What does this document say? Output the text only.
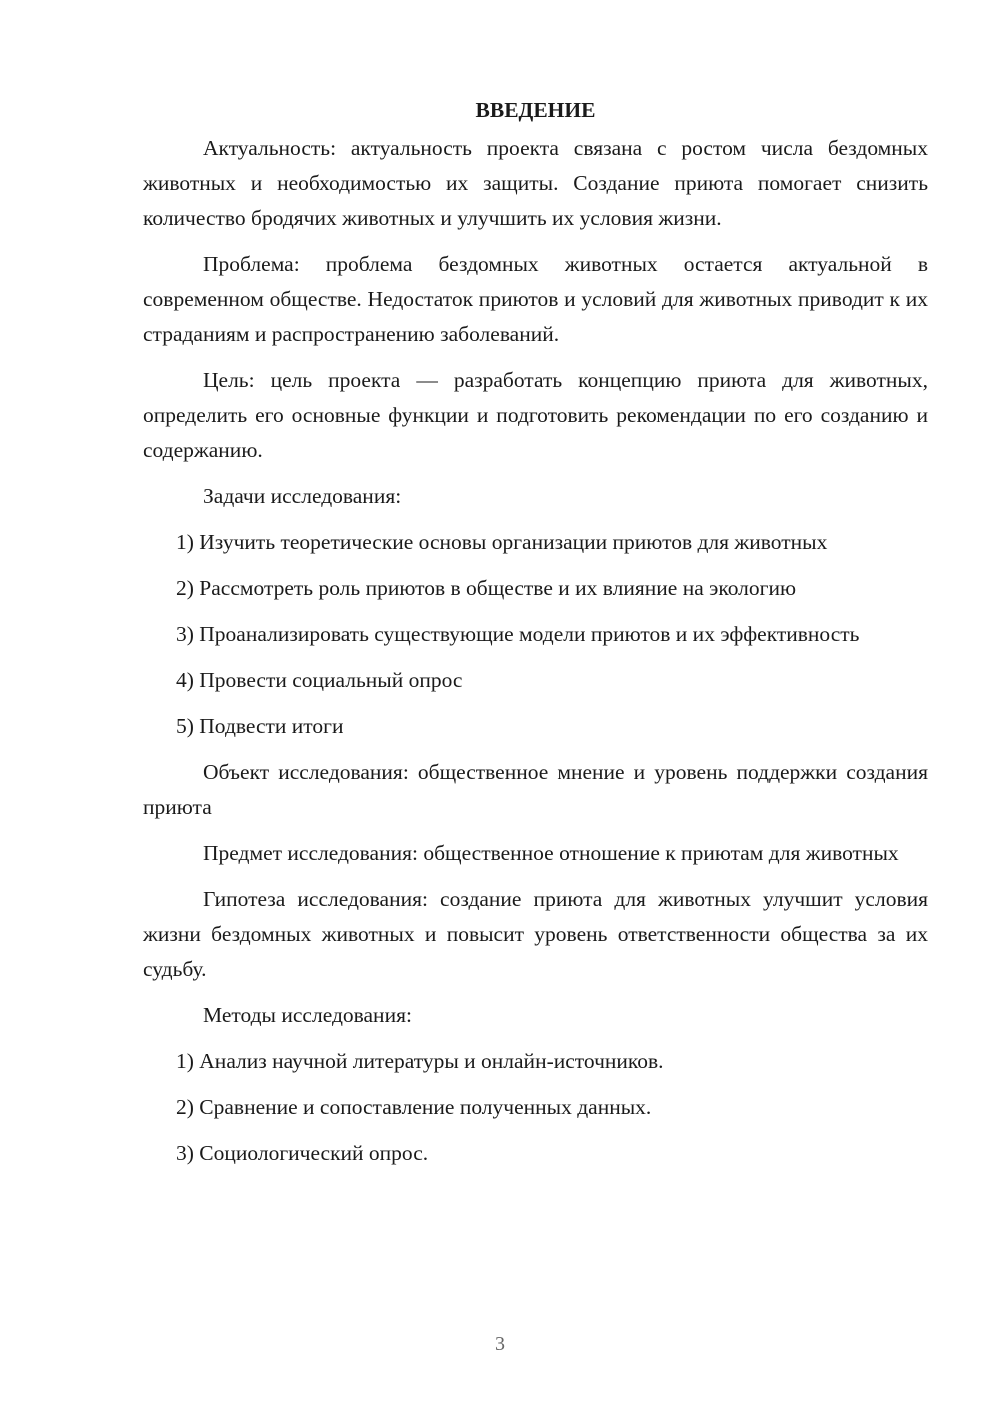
ВВЕДЕНИЕ

Актуальность: актуальность проекта связана с ростом числа бездомных животных и необходимостью их защиты. Создание приюта помогает снизить количество бродячих животных и улучшить их условия жизни.

Проблема: проблема бездомных животных остается актуальной в современном обществе. Недостаток приютов и условий для животных приводит к их страданиям и распространению заболеваний.

Цель: цель проекта — разработать концепцию приюта для животных, определить его основные функции и подготовить рекомендации по его созданию и содержанию.

Задачи исследования:

1) Изучить теоретические основы организации приютов для животных

2) Рассмотреть роль приютов в обществе и их влияние на экологию

3) Проанализировать существующие модели приютов и их эффективность

4) Провести социальный опрос

5) Подвести итоги

Объект исследования: общественное мнение и уровень поддержки создания приюта

Предмет исследования: общественное отношение к приютам для животных

Гипотеза исследования: создание приюта для животных улучшит условия жизни бездомных животных и повысит уровень ответственности общества за их судьбу.

Методы исследования:

1) Анализ научной литературы и онлайн-источников.

2) Сравнение и сопоставление полученных данных.

3) Социологический опрос.

3
